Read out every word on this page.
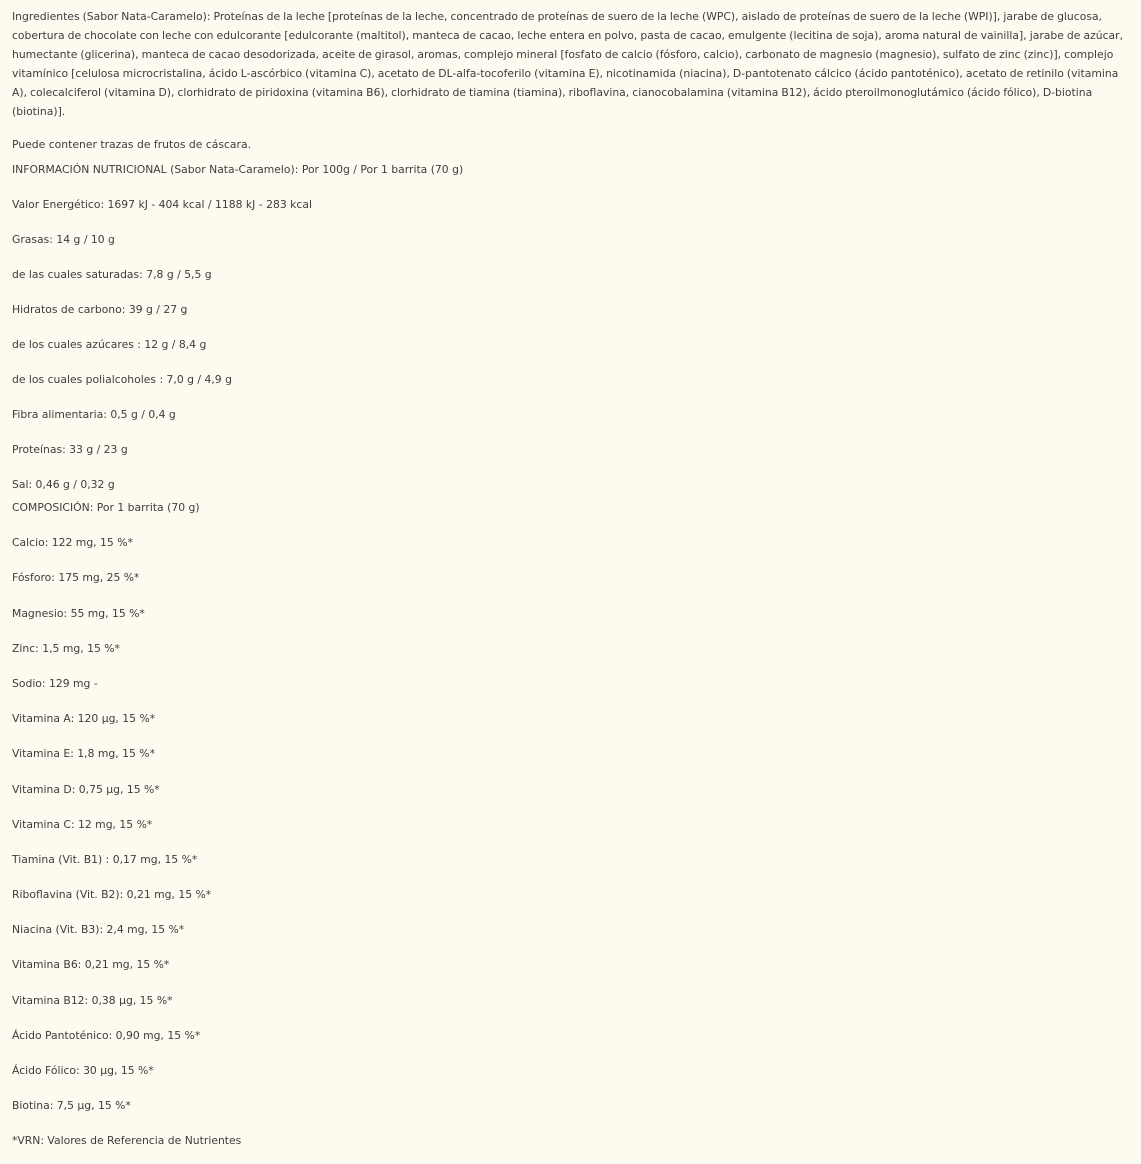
Ingredientes (Sabor Nata-Caramelo): Proteínas de la leche [proteínas de la leche, concentrado de proteínas de suero de la leche (WPC), aislado de proteínas de suero de la leche (WPI)], jarabe de glucosa, cobertura de chocolate con leche con edulcorante [edulcorante (maltitol), manteca de cacao, leche entera en polvo, pasta de cacao, emulgente (lecitina de soja), aroma natural de vainilla], jarabe de azúcar, humectante (glicerina), manteca de cacao desodorizada, aceite de girasol, aromas, complejo mineral [fosfato de calcio (fósforo, calcio), carbonato de magnesio (magnesio), sulfato de zinc (zinc)], complejo vitamínico [celulosa microcristalina, ácido L-ascórbico (vitamina C), acetato de DL-alfa-tocoferilo (vitamina E), nicotinamida (niacina), D-pantotenato cálcico (ácido pantoténico), acetato de retinilo (vitamina A), colecalciferol (vitamina D), clorhidrato de piridoxina (vitamina B6), clorhidrato de tiamina (tiamina), riboflavina, cianocobalamina (vitamina B12), ácido pteroilmonoglutámico (ácido fólico), D-biotina (biotina)].

Puede contener trazas de frutos de cáscara.

INFORMACIÓN NUTRICIONAL (Sabor Nata-Caramelo): Por 100g / Por 1 barrita (70 g)

Valor Energético: 1697 kJ - 404 kcal / 1188 kJ - 283 kcal

Grasas: 14 g / 10 g

de las cuales saturadas: 7,8 g / 5,5 g

Hidratos de carbono: 39 g / 27 g

de los cuales azúcares : 12 g / 8,4 g

de los cuales polialcoholes : 7,0 g / 4,9 g

Fibra alimentaria: 0,5 g / 0,4 g

Proteínas: 33 g / 23 g

Sal: 0,46 g / 0,32 g

COMPOSICIÓN: Por 1 barrita (70 g)

Calcio: 122 mg, 15 %*

Fósforo: 175 mg, 25 %*

Magnesio: 55 mg, 15 %*

Zinc: 1,5 mg, 15 %*

Sodio: 129 mg -

Vitamina A: 120 µg, 15 %*

Vitamina E: 1,8 mg, 15 %*

Vitamina D: 0,75 µg, 15 %*

Vitamina C: 12 mg, 15 %*

Tiamina (Vit. B1) : 0,17 mg, 15 %*

Riboflavina (Vit. B2): 0,21 mg, 15 %*

Niacina (Vit. B3): 2,4 mg, 15 %*

Vitamina B6: 0,21 mg, 15 %*

Vitamina B12: 0,38 µg, 15 %*

Ácido Pantoténico: 0,90 mg, 15 %*

Ácido Fólico: 30 µg, 15 %*

Biotina: 7,5 µg, 15 %*

*VRN: Valores de Referencia de Nutrientes
